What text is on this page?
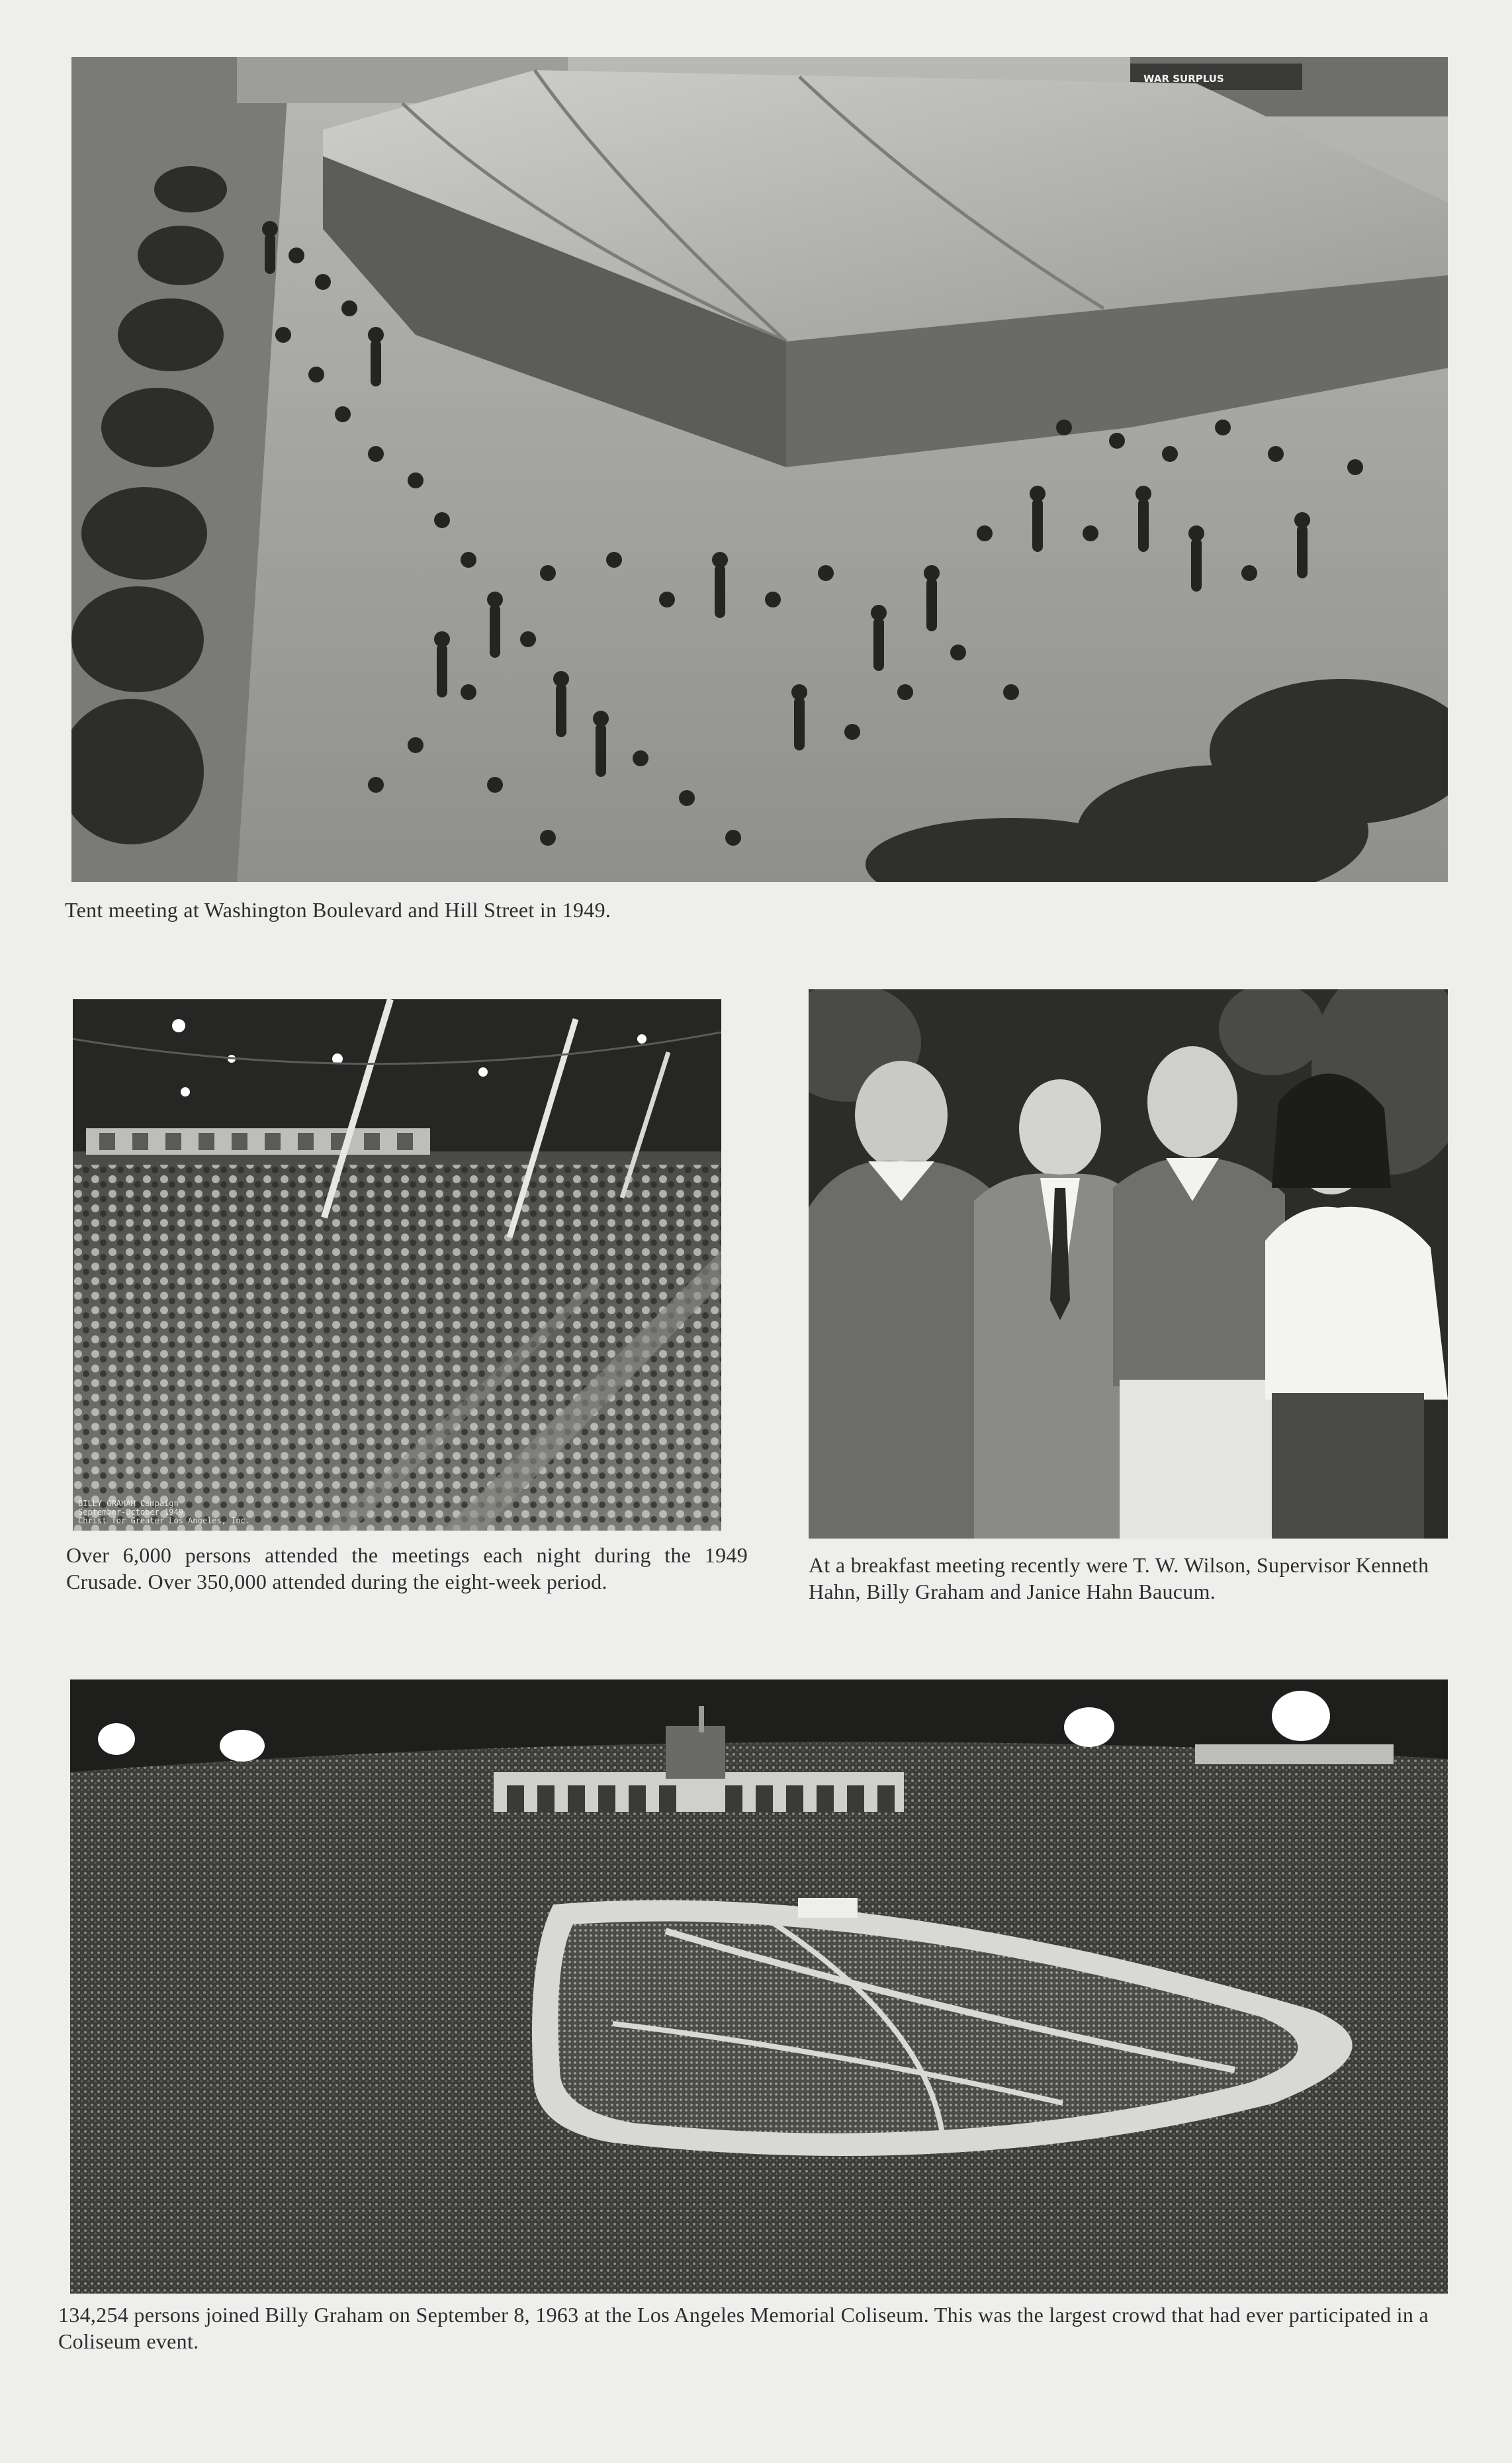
WAR SURPLUS
Tent meeting at Washington Boulevard and Hill Street in 1949.
BILLY GRAHAM Campaign
September-October 1949
Christ for Greater Los Angeles, Inc.
Over 6,000 persons attended the meetings each night during the 1949 Crusade. Over 350,000 attended during the eight-week period.
At a breakfast meeting recently were T. W. Wilson, Supervisor Kenneth Hahn, Billy Graham and Janice Hahn Baucum.
134,254 persons joined Billy Graham on September 8, 1963 at the Los Angeles Memorial Coliseum. This was the largest crowd that had ever participated in a Coliseum event.
